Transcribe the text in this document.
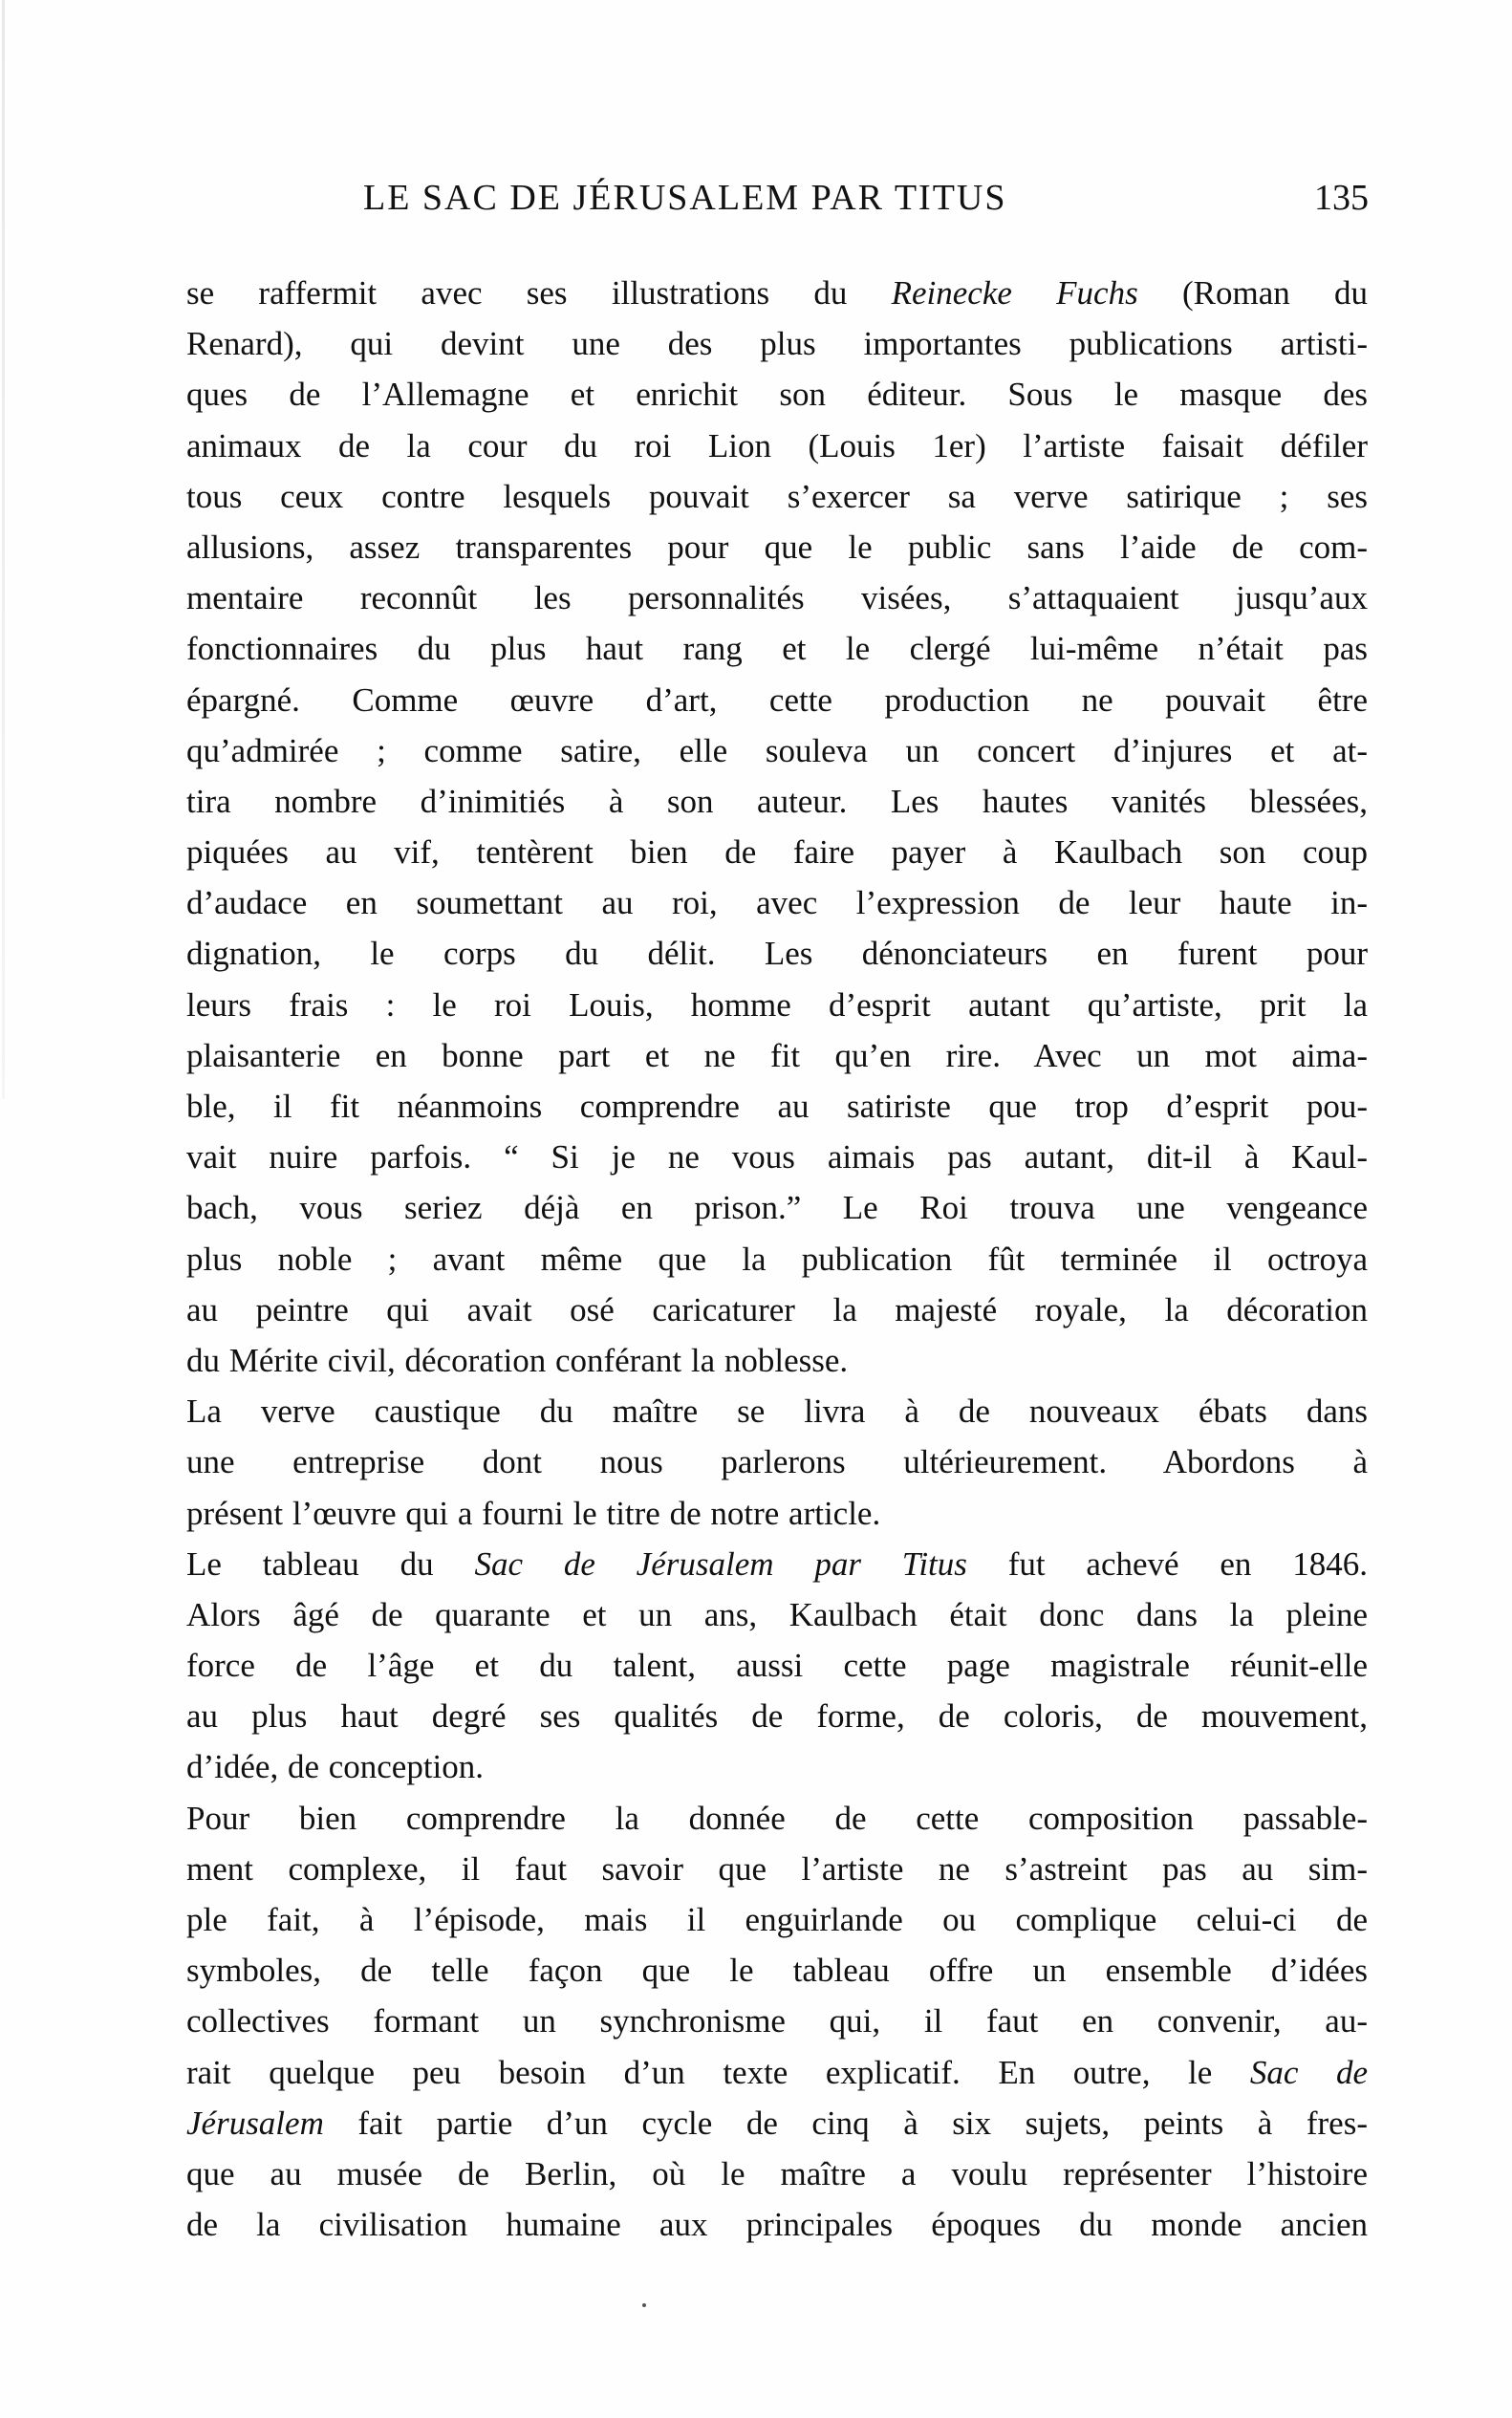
LE SAC DE JÉRUSALEM PAR TITUS	135
se raffermit avec ses illustrations du Reinecke Fuchs (Roman du
Renard), qui devint une des plus importantes publications artisti-
ques de l’Allemagne et enrichit son éditeur. Sous le masque des
animaux de la cour du roi Lion (Louis 1er) l’artiste faisait défiler
tous ceux contre lesquels pouvait s’exercer sa verve satirique ; ses
allusions, assez transparentes pour que le public sans l’aide de com-
mentaire reconnût les personnalités visées, s’attaquaient jusqu’aux
fonctionnaires du plus haut rang et le clergé lui-même n’était pas
épargné. Comme œuvre d’art, cette production ne pouvait être
qu’admirée ; comme satire, elle souleva un concert d’injures et at-
tira nombre d’inimitiés à son auteur. Les hautes vanités blessées,
piquées au vif, tentèrent bien de faire payer à Kaulbach son coup
d’audace en soumettant au roi, avec l’expression de leur haute in-
dignation, le corps du délit. Les dénonciateurs en furent pour
leurs frais : le roi Louis, homme d’esprit autant qu’artiste, prit la
plaisanterie en bonne part et ne fit qu’en rire. Avec un mot aima-
ble, il fit néanmoins comprendre au satiriste que trop d’esprit pou-
vait nuire parfois. “ Si je ne vous aimais pas autant, dit-il à Kaul-
bach, vous seriez déjà en prison.” Le Roi trouva une vengeance
plus noble ; avant même que la publication fût terminée il octroya
au peintre qui avait osé caricaturer la majesté royale, la décoration
du Mérite civil, décoration conférant la noblesse.
La verve caustique du maître se livra à de nouveaux ébats dans
une entreprise dont nous parlerons ultérieurement. Abordons à
présent l’œuvre qui a fourni le titre de notre article.
Le tableau du Sac de Jérusalem par Titus fut achevé en 1846.
Alors âgé de quarante et un ans, Kaulbach était donc dans la pleine
force de l’âge et du talent, aussi cette page magistrale réunit-elle
au plus haut degré ses qualités de forme, de coloris, de mouvement,
d’idée, de conception.
Pour bien comprendre la donnée de cette composition passable-
ment complexe, il faut savoir que l’artiste ne s’astreint pas au sim-
ple fait, à l’épisode, mais il enguirlande ou complique celui-ci de
symboles, de telle façon que le tableau offre un ensemble d’idées
collectives formant un synchronisme qui, il faut en convenir, au-
rait quelque peu besoin d’un texte explicatif. En outre, le Sac de
Jérusalem fait partie d’un cycle de cinq à six sujets, peints à fres-
que au musée de Berlin, où le maître a voulu représenter l’histoire
de la civilisation humaine aux principales époques du monde ancien
